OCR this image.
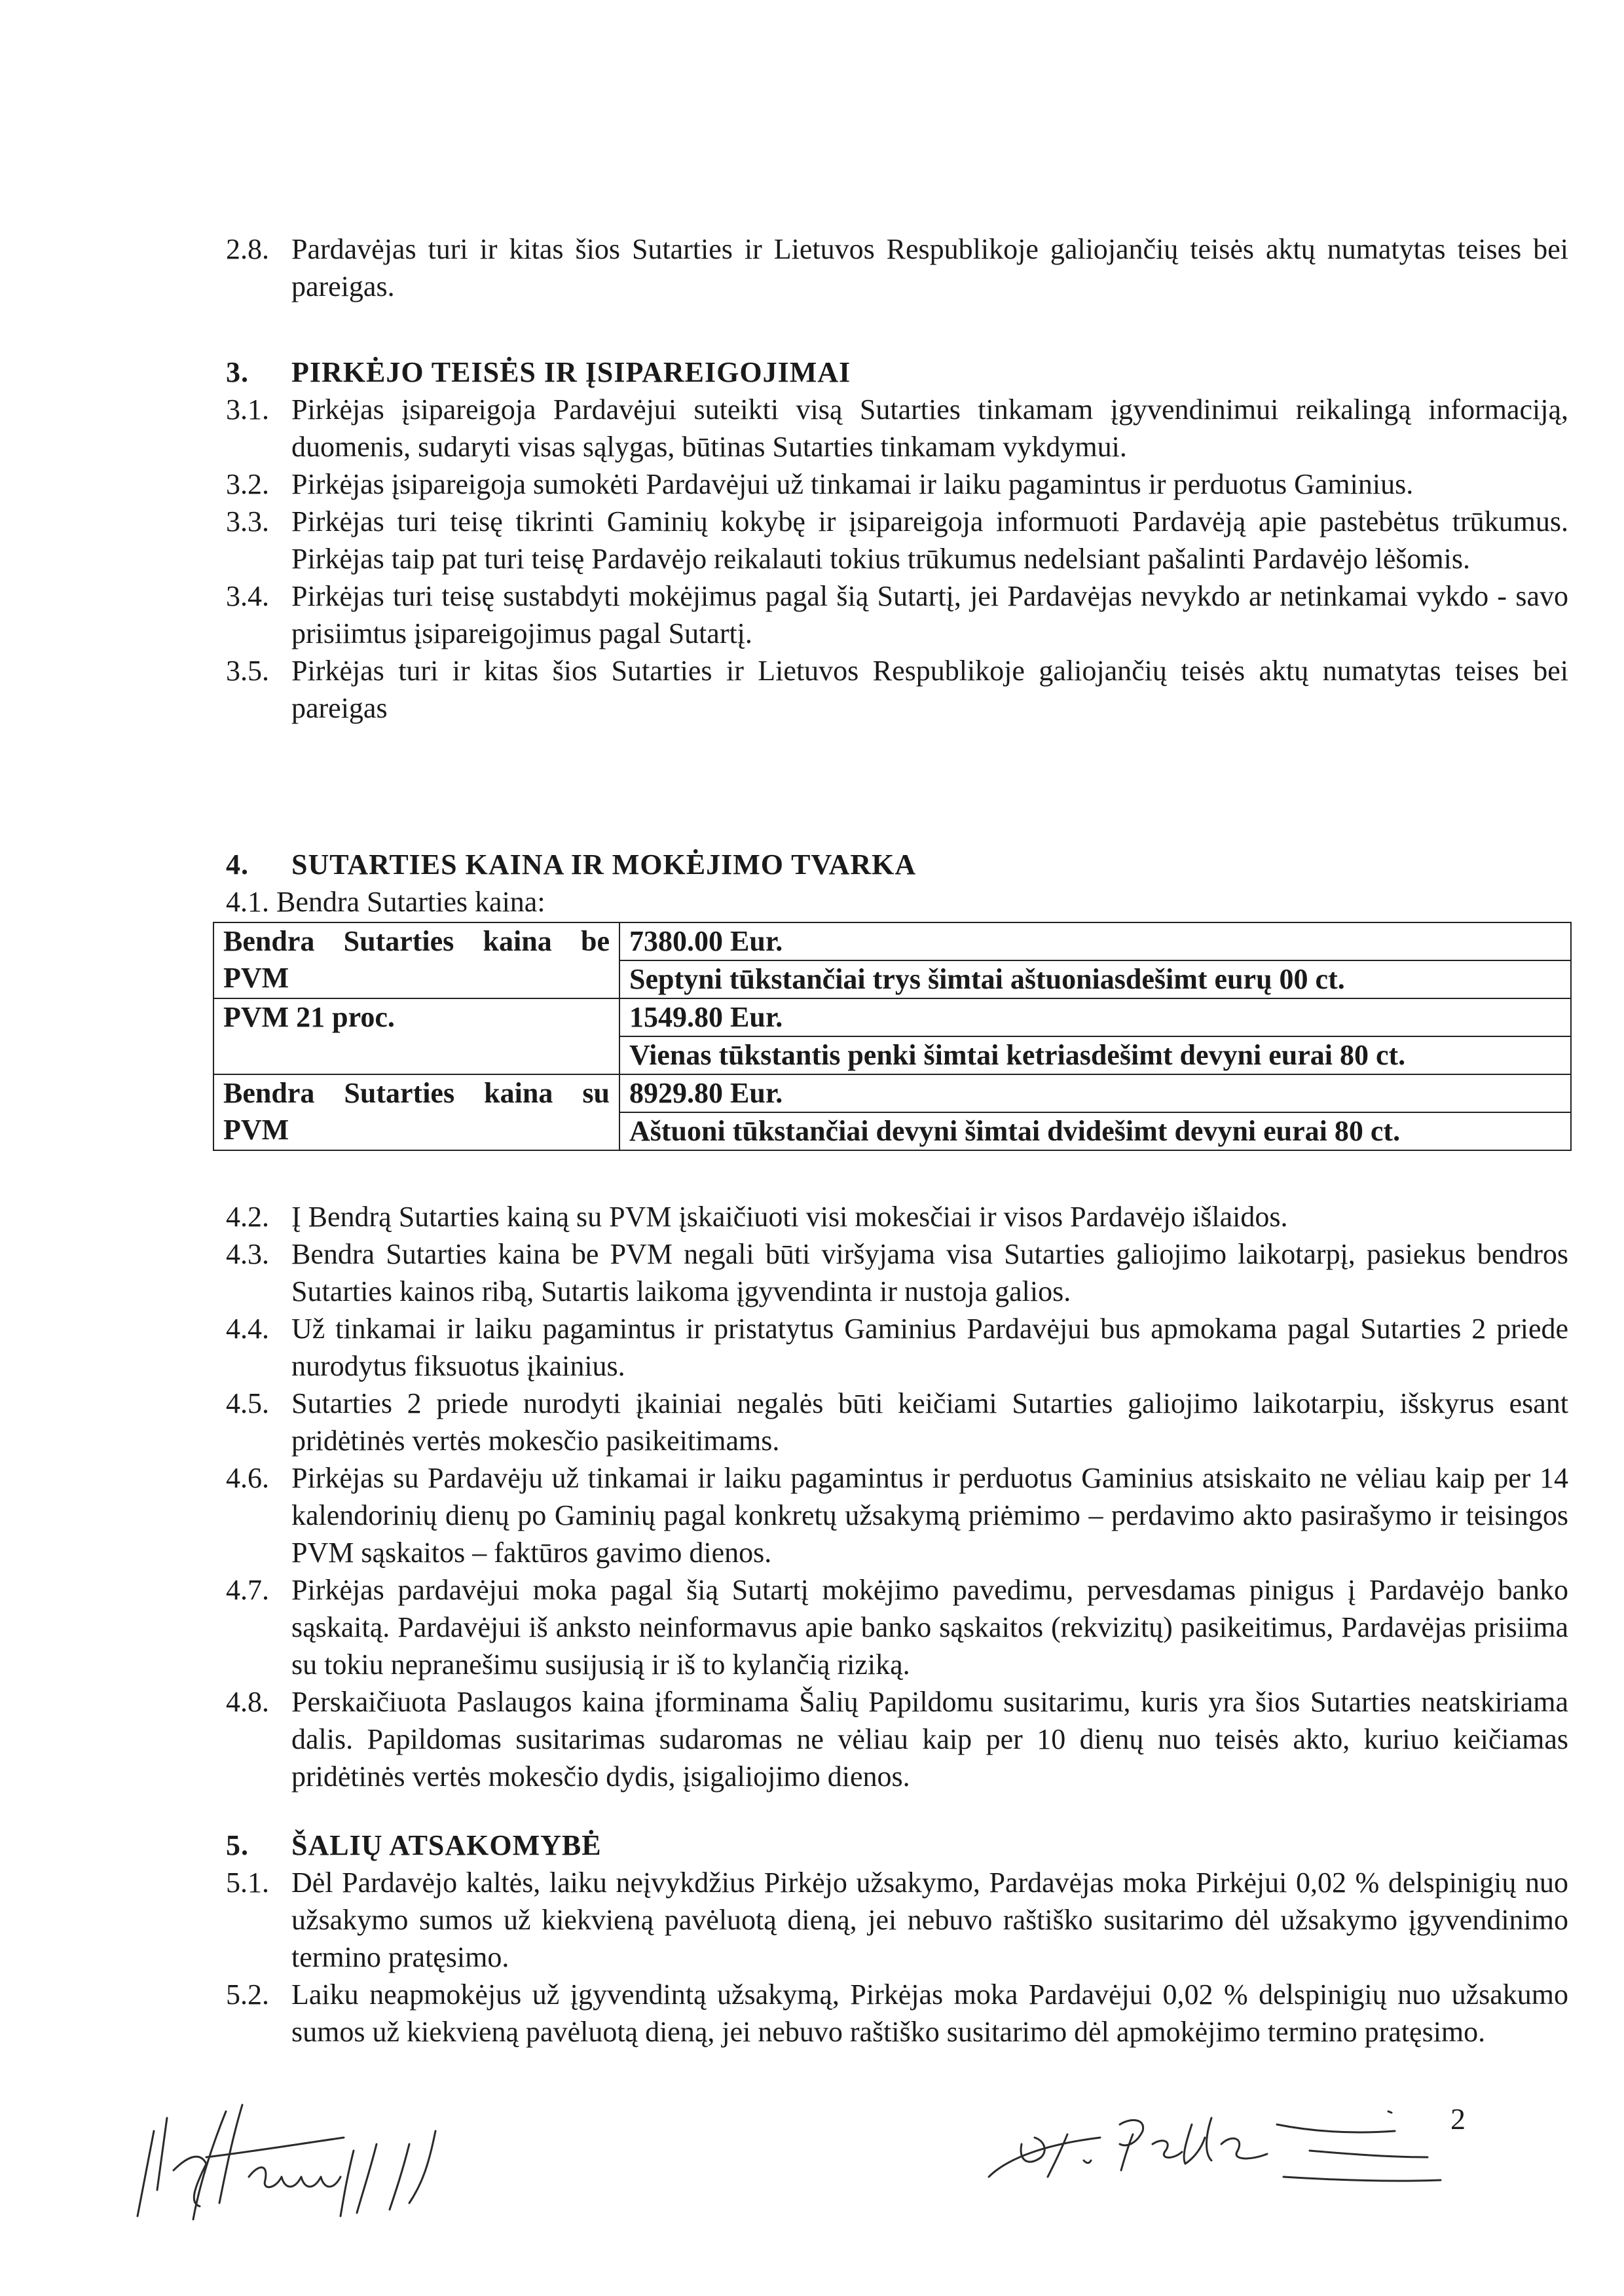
2.8. Pardavėjas turi ir kitas šios Sutarties ir Lietuvos Respublikoje galiojančių teisės aktų numatytas teises bei pareigas.

3. PIRKĖJO TEISĖS IR ĮSIPAREIGOJIMAI

3.1. Pirkėjas įsipareigoja Pardavėjui suteikti visą Sutarties tinkamam įgyvendinimui reikalingą informaciją, duomenis, sudaryti visas sąlygas, būtinas Sutarties tinkamam vykdymui.
3.2. Pirkėjas įsipareigoja sumokėti Pardavėjui už tinkamai ir laiku pagamintus ir perduotus Gaminius.
3.3. Pirkėjas turi teisę tikrinti Gaminių kokybę ir įsipareigoja informuoti Pardavėją apie pastebėtus trūkumus. Pirkėjas taip pat turi teisę Pardavėjo reikalauti tokius trūkumus nedelsiant pašalinti Pardavėjo lėšomis.
3.4. Pirkėjas turi teisę sustabdyti mokėjimus pagal šią Sutartį, jei Pardavėjas nevykdo ar netinkamai vykdo - savo prisiimtus įsipareigojimus pagal Sutartį.
3.5. Pirkėjas turi ir kitas šios Sutarties ir Lietuvos Respublikoje galiojančių teisės aktų numatytas teises bei pareigas

4. SUTARTIES KAINA IR MOKĖJIMO TVARKA

4.1. Bendra Sutarties kaina:

Bendra Sutarties kaina be PVM	7380.00 Eur.
	Septyni tūkstančiai trys šimtai aštuoniasdešimt eurų 00 ct.
PVM 21 proc.	1549.80 Eur.
	Vienas tūkstantis penki šimtai ketriasdešimt devyni eurai 80 ct.
Bendra Sutarties kaina su PVM	8929.80 Eur.
	Aštuoni tūkstančiai devyni šimtai dvidešimt devyni eurai 80 ct.
4.2. Į Bendrą Sutarties kainą su PVM įskaičiuoti visi mokesčiai ir visos Pardavėjo išlaidos.
4.3. Bendra Sutarties kaina be PVM negali būti viršyjama visa Sutarties galiojimo laikotarpį, pasiekus bendros Sutarties kainos ribą, Sutartis laikoma įgyvendinta ir nustoja galios.
4.4. Už tinkamai ir laiku pagamintus ir pristatytus Gaminius Pardavėjui bus apmokama pagal Sutarties 2 priede nurodytus fiksuotus įkainius.
4.5. Sutarties 2 priede nurodyti įkainiai negalės būti keičiami Sutarties galiojimo laikotarpiu, išskyrus esant pridėtinės vertės mokesčio pasikeitimams.
4.6. Pirkėjas su Pardavėju už tinkamai ir laiku pagamintus ir perduotus Gaminius atsiskaito ne vėliau kaip per 14 kalendorinių dienų po Gaminių pagal konkretų užsakymą priėmimo – perdavimo akto pasirašymo ir teisingos PVM sąskaitos – faktūros gavimo dienos.
4.7. Pirkėjas pardavėjui moka pagal šią Sutartį mokėjimo pavedimu, pervesdamas pinigus į Pardavėjo banko sąskaitą. Pardavėjui iš anksto neinformavus apie banko sąskaitos (rekvizitų) pasikeitimus, Pardavėjas prisiima su tokiu nepranešimu susijusią ir iš to kylančią riziką.
4.8. Perskaičiuota Paslaugos kaina įforminama Šalių Papildomu susitarimu, kuris yra šios Sutarties neatskiriama dalis. Papildomas susitarimas sudaromas ne vėliau kaip per 10 dienų nuo teisės akto, kuriuo keičiamas pridėtinės vertės mokesčio dydis, įsigaliojimo dienos.

5. ŠALIŲ ATSAKOMYBĖ

5.1. Dėl Pardavėjo kaltės, laiku neįvykdžius Pirkėjo užsakymo, Pardavėjas moka Pirkėjui 0,02 % delspinigių nuo užsakymo sumos už kiekvieną pavėluotą dieną, jei nebuvo raštiško susitarimo dėl užsakymo įgyvendinimo termino pratęsimo.
5.2. Laiku neapmokėjus už įgyvendintą užsakymą, Pirkėjas moka Pardavėjui 0,02 % delspinigių nuo užsakumo sumos už kiekvieną pavėluotą dieną, jei nebuvo raštiško susitarimo dėl apmokėjimo termino pratęsimo.
2
